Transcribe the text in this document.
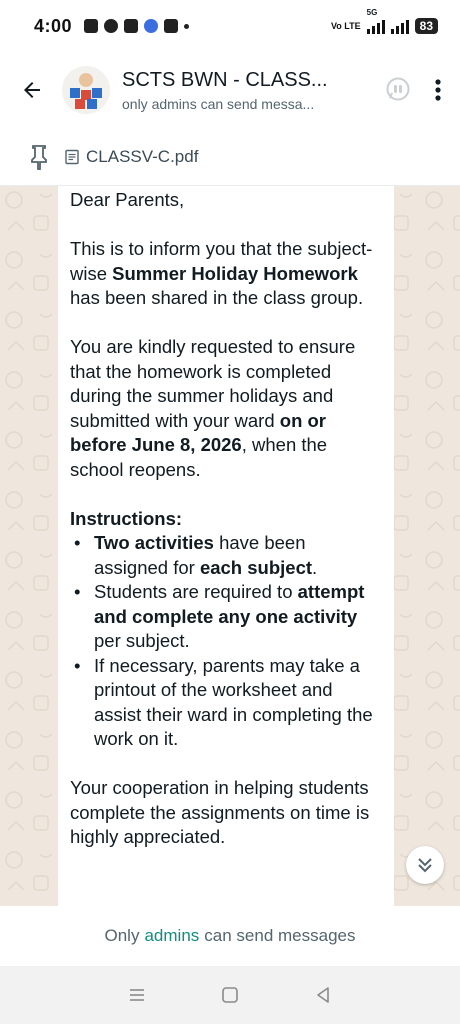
4:00	Vo LTE
5G
83
SCTS BWN - CLASS...
only admins can send messa...
CLASSV-C.pdf
Dear Parents,
This is to inform you that the subject-wise Summer Holiday Homework has been shared in the class group.
You are kindly requested to ensure that the homework is completed during the summer holidays and submitted with your ward on or before June 8, 2026, when the school reopens.
Instructions:
• Two activities have been assigned for each subject.
• Students are required to attempt and complete any one activity per subject.
• If necessary, parents may take a printout of the worksheet and assist their ward in completing the work on it.
Your cooperation in helping students complete the assignments on time is highly appreciated.
Only admins can send messages
